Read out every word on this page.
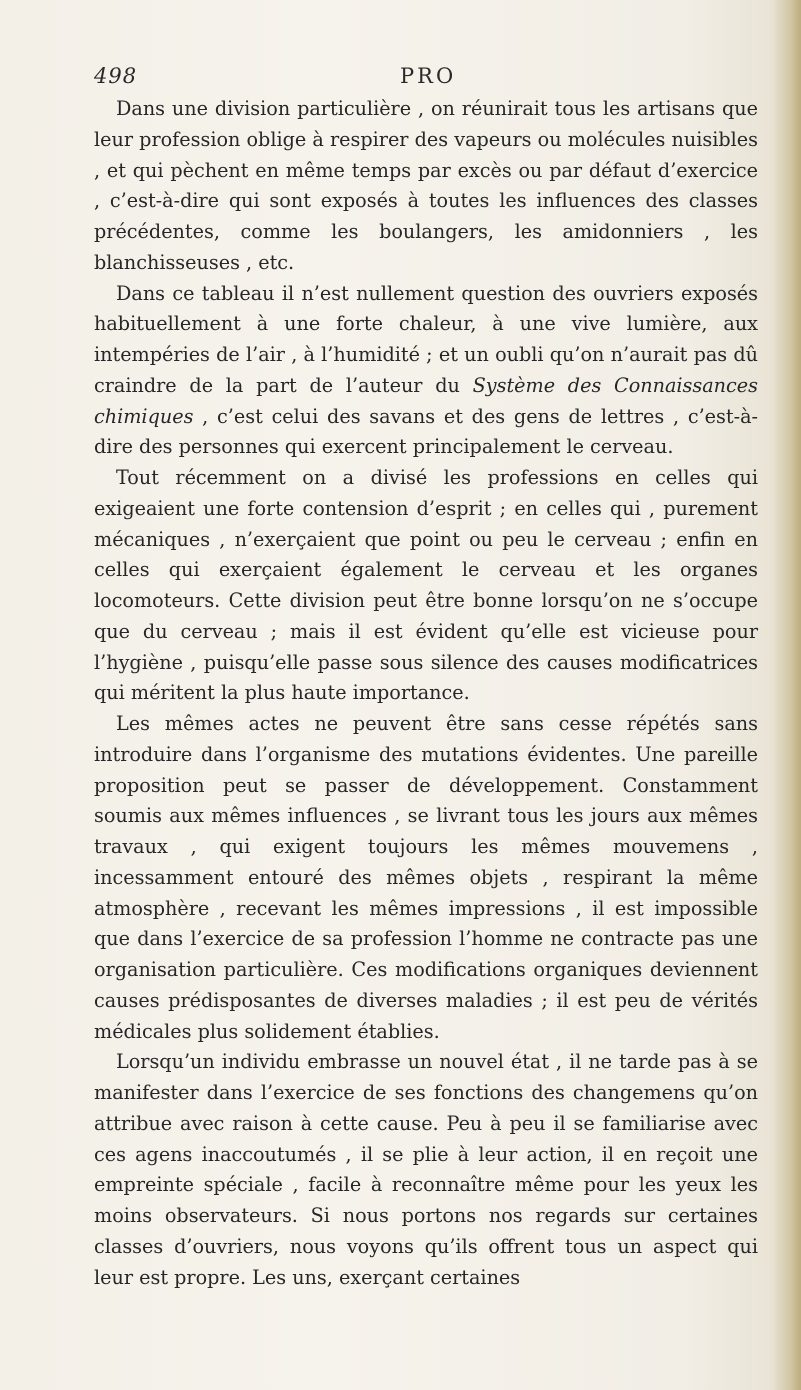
498	PRO

Dans une division particulière , on réunirait tous les artisans que leur profession oblige à respirer des vapeurs ou molécules nuisibles , et qui pèchent en même temps par excès ou par défaut d’exercice , c’est-à-dire qui sont exposés à toutes les influences des classes précédentes, comme les boulangers, les amidonniers , les blanchisseuses , etc.

Dans ce tableau il n’est nullement question des ouvriers exposés habituellement à une forte chaleur, à une vive lumière, aux intempéries de l’air , à l’humidité ; et un oubli qu’on n’aurait pas dû craindre de la part de l’auteur du Système des Connaissances chimiques , c’est celui des savans et des gens de lettres , c’est-à-dire des personnes qui exercent principalement le cerveau.

Tout récemment on a divisé les professions en celles qui exigeaient une forte contension d’esprit ; en celles qui , purement mécaniques , n’exerçaient que point ou peu le cerveau ; enfin en celles qui exerçaient également le cerveau et les organes locomoteurs. Cette division peut être bonne lorsqu’on ne s’occupe que du cerveau ; mais il est évident qu’elle est vicieuse pour l’hygiène , puisqu’elle passe sous silence des causes modificatrices qui méritent la plus haute importance.

Les mêmes actes ne peuvent être sans cesse répétés sans introduire dans l’organisme des mutations évidentes. Une pareille proposition peut se passer de développement. Constamment soumis aux mêmes influences , se livrant tous les jours aux mêmes travaux , qui exigent toujours les mêmes mouvemens , incessamment entouré des mêmes objets , respirant la même atmosphère , recevant les mêmes impressions , il est impossible que dans l’exercice de sa profession l’homme ne contracte pas une organisation particulière. Ces modifications organiques deviennent causes prédisposantes de diverses maladies ; il est peu de vérités médicales plus solidement établies.

Lorsqu’un individu embrasse un nouvel état , il ne tarde pas à se manifester dans l’exercice de ses fonctions des changemens qu’on attribue avec raison à cette cause. Peu à peu il se familiarise avec ces agens inaccoutumés , il se plie à leur action, il en reçoit une empreinte spéciale , facile à reconnaître même pour les yeux les moins observateurs. Si nous portons nos regards sur certaines classes d’ouvriers, nous voyons qu’ils offrent tous un aspect qui leur est propre. Les uns, exerçant certaines
